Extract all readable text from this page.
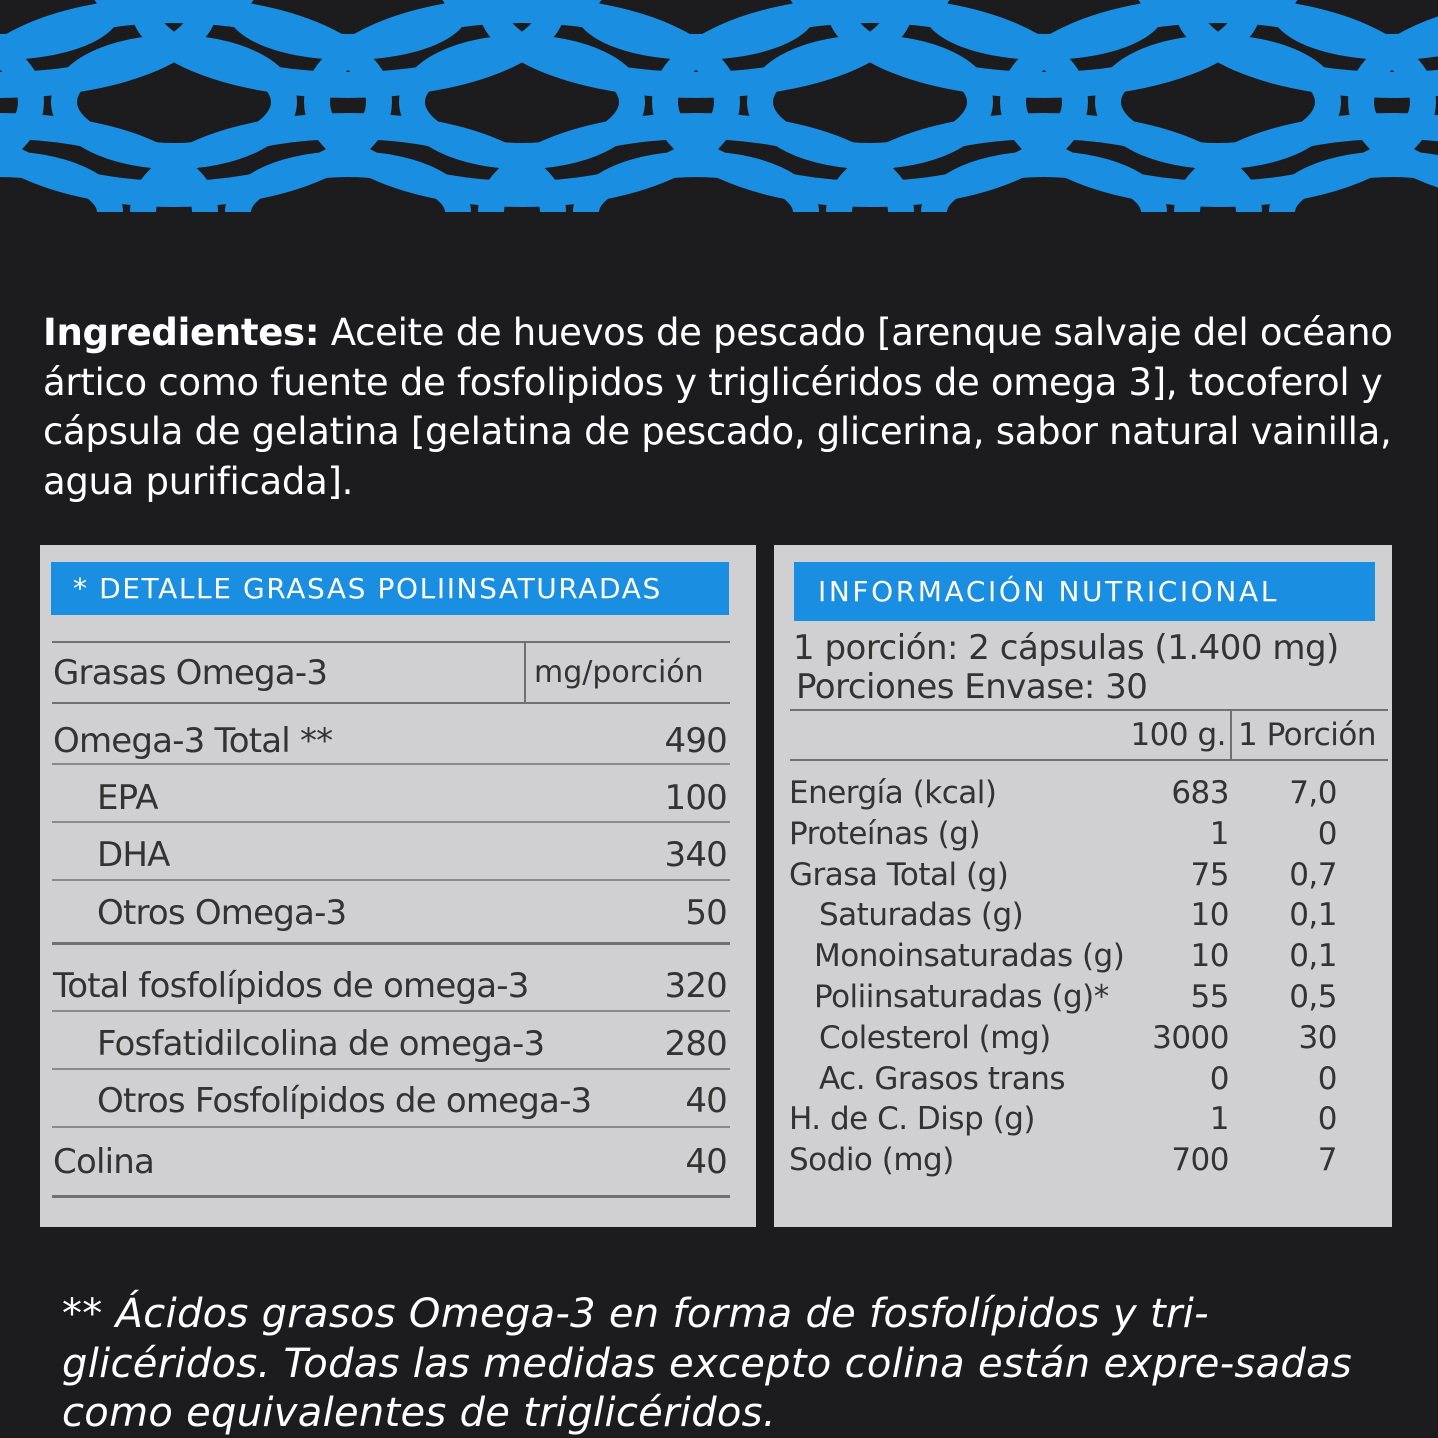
Ingredientes: Aceite de huevos de pescado [arenque salvaje del océano ártico como fuente de fosfolipidos y triglicéridos de omega 3], tocoferol y cápsula de gelatina [gelatina de pescado, glicerina, sabor natural vainilla, agua purificada].
* DETALLE GRASAS POLIINSATURADAS
Grasas Omega-3	mg/porción
Omega-3 Total **	490
EPA	100
DHA	340
Otros Omega-3	50
Total fosfolípidos de omega-3	320
Fosfatidilcolina de omega-3	280
Otros Fosfolípidos de omega-3	40
Colina	40
INFORMACIÓN NUTRICIONAL
1 porción: 2 cápsulas (1.400 mg)
Porciones Envase: 30
100 g. 1 Porción
Energía (kcal)	683	7,0
Proteínas (g)	1	0
Grasa Total (g)	75	0,7
Saturadas (g)	10	0,1
Monoinsaturadas (g)	10	0,1
Poliinsaturadas (g)*	55	0,5
Colesterol (mg)	3000	30
Ac. Grasos trans	0	0
H. de C. Disp (g)	1	0
Sodio (mg)	700	7
** Ácidos grasos Omega-3 en forma de fosfolípidos y tri-glicéridos. Todas las medidas excepto colina están expre-sadas como equivalentes de triglicéridos.
